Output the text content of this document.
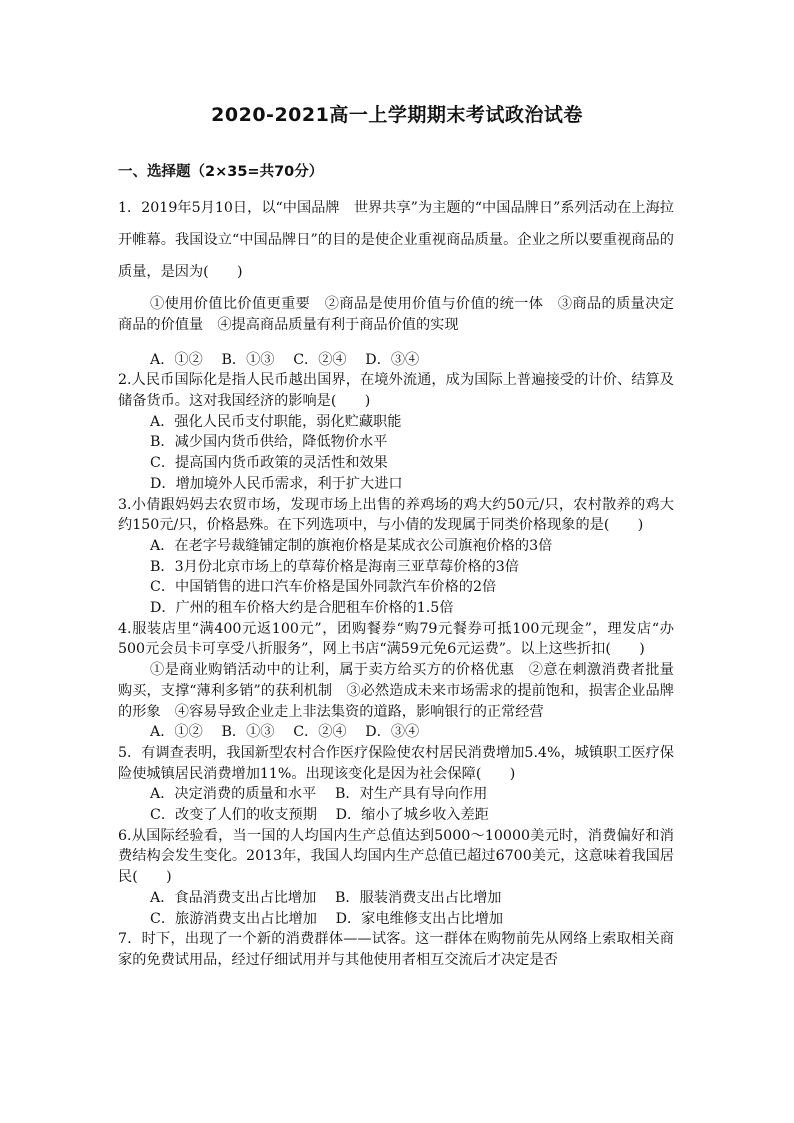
2020-2021高一上学期期末考试政治试卷
一、选择题（2×35=共70分）

1．2019年5月10日，以“中国品牌　世界共享”为主题的“中国品牌日”系列活动在上海拉开帷幕。我国设立“中国品牌日”的目的是使企业重视商品质量。企业之所以要重视商品的质量，是因为(　　)

①使用价值比价值更重要　②商品是使用价值与价值的统一体　③商品的质量决定商品的价值量　④提高商品质量有利于商品价值的实现

A．①②　 B．①③　 C．②④　 D．③④

2.人民币国际化是指人民币越出国界，在境外流通，成为国际上普遍接受的计价、结算及储备货币。这对我国经济的影响是(　　)

A．强化人民币支付职能，弱化贮藏职能
B．减少国内货币供给，降低物价水平
C．提高国内货币政策的灵活性和效果
D．增加境外人民币需求，利于扩大进口

3.小倩跟妈妈去农贸市场，发现市场上出售的养鸡场的鸡大约50元/只，农村散养的鸡大约150元/只，价格悬殊。在下列选项中，与小倩的发现属于同类价格现象的是(　　)

A．在老字号裁缝铺定制的旗袍价格是某成衣公司旗袍价格的3倍
B．3月份北京市场上的草莓价格是海南三亚草莓价格的3倍
C．中国销售的进口汽车价格是国外同款汽车价格的2倍
D．广州的租车价格大约是合肥租车价格的1.5倍

4.服装店里“满400元返100元”，团购餐券“购79元餐券可抵100元现金”，理发店“办500元会员卡可享受八折服务”，网上书店“满59元免6元运费”。以上这些折扣(　　)

①是商业购销活动中的让利，属于卖方给买方的价格优惠　②意在刺激消费者批量购买，支撑“薄利多销”的获利机制　③必然造成未来市场需求的提前饱和，损害企业品牌的形象　④容易导致企业走上非法集资的道路，影响银行的正常经营

A．①②　 B．①③　 C．②④　 D．③④

5．有调查表明，我国新型农村合作医疗保险使农村居民消费增加5.4%，城镇职工医疗保险使城镇居民消费增加11%。出现该变化是因为社会保障(　　)

A．决定消费的质量和水平　 B．对生产具有导向作用
C．改变了人们的收支预期　 D．缩小了城乡收入差距

6.从国际经验看，当一国的人均国内生产总值达到5000～10000美元时，消费偏好和消费结构会发生变化。2013年，我国人均国内生产总值已超过6700美元，这意味着我国居民(　　)

A．食品消费支出占比增加　 B．服装消费支出占比增加
C．旅游消费支出占比增加　 D．家电维修支出占比增加

7．时下，出现了一个新的消费群体——试客。这一群体在购物前先从网络上索取相关商家的免费试用品，经过仔细试用并与其他使用者相互交流后才决定是否
